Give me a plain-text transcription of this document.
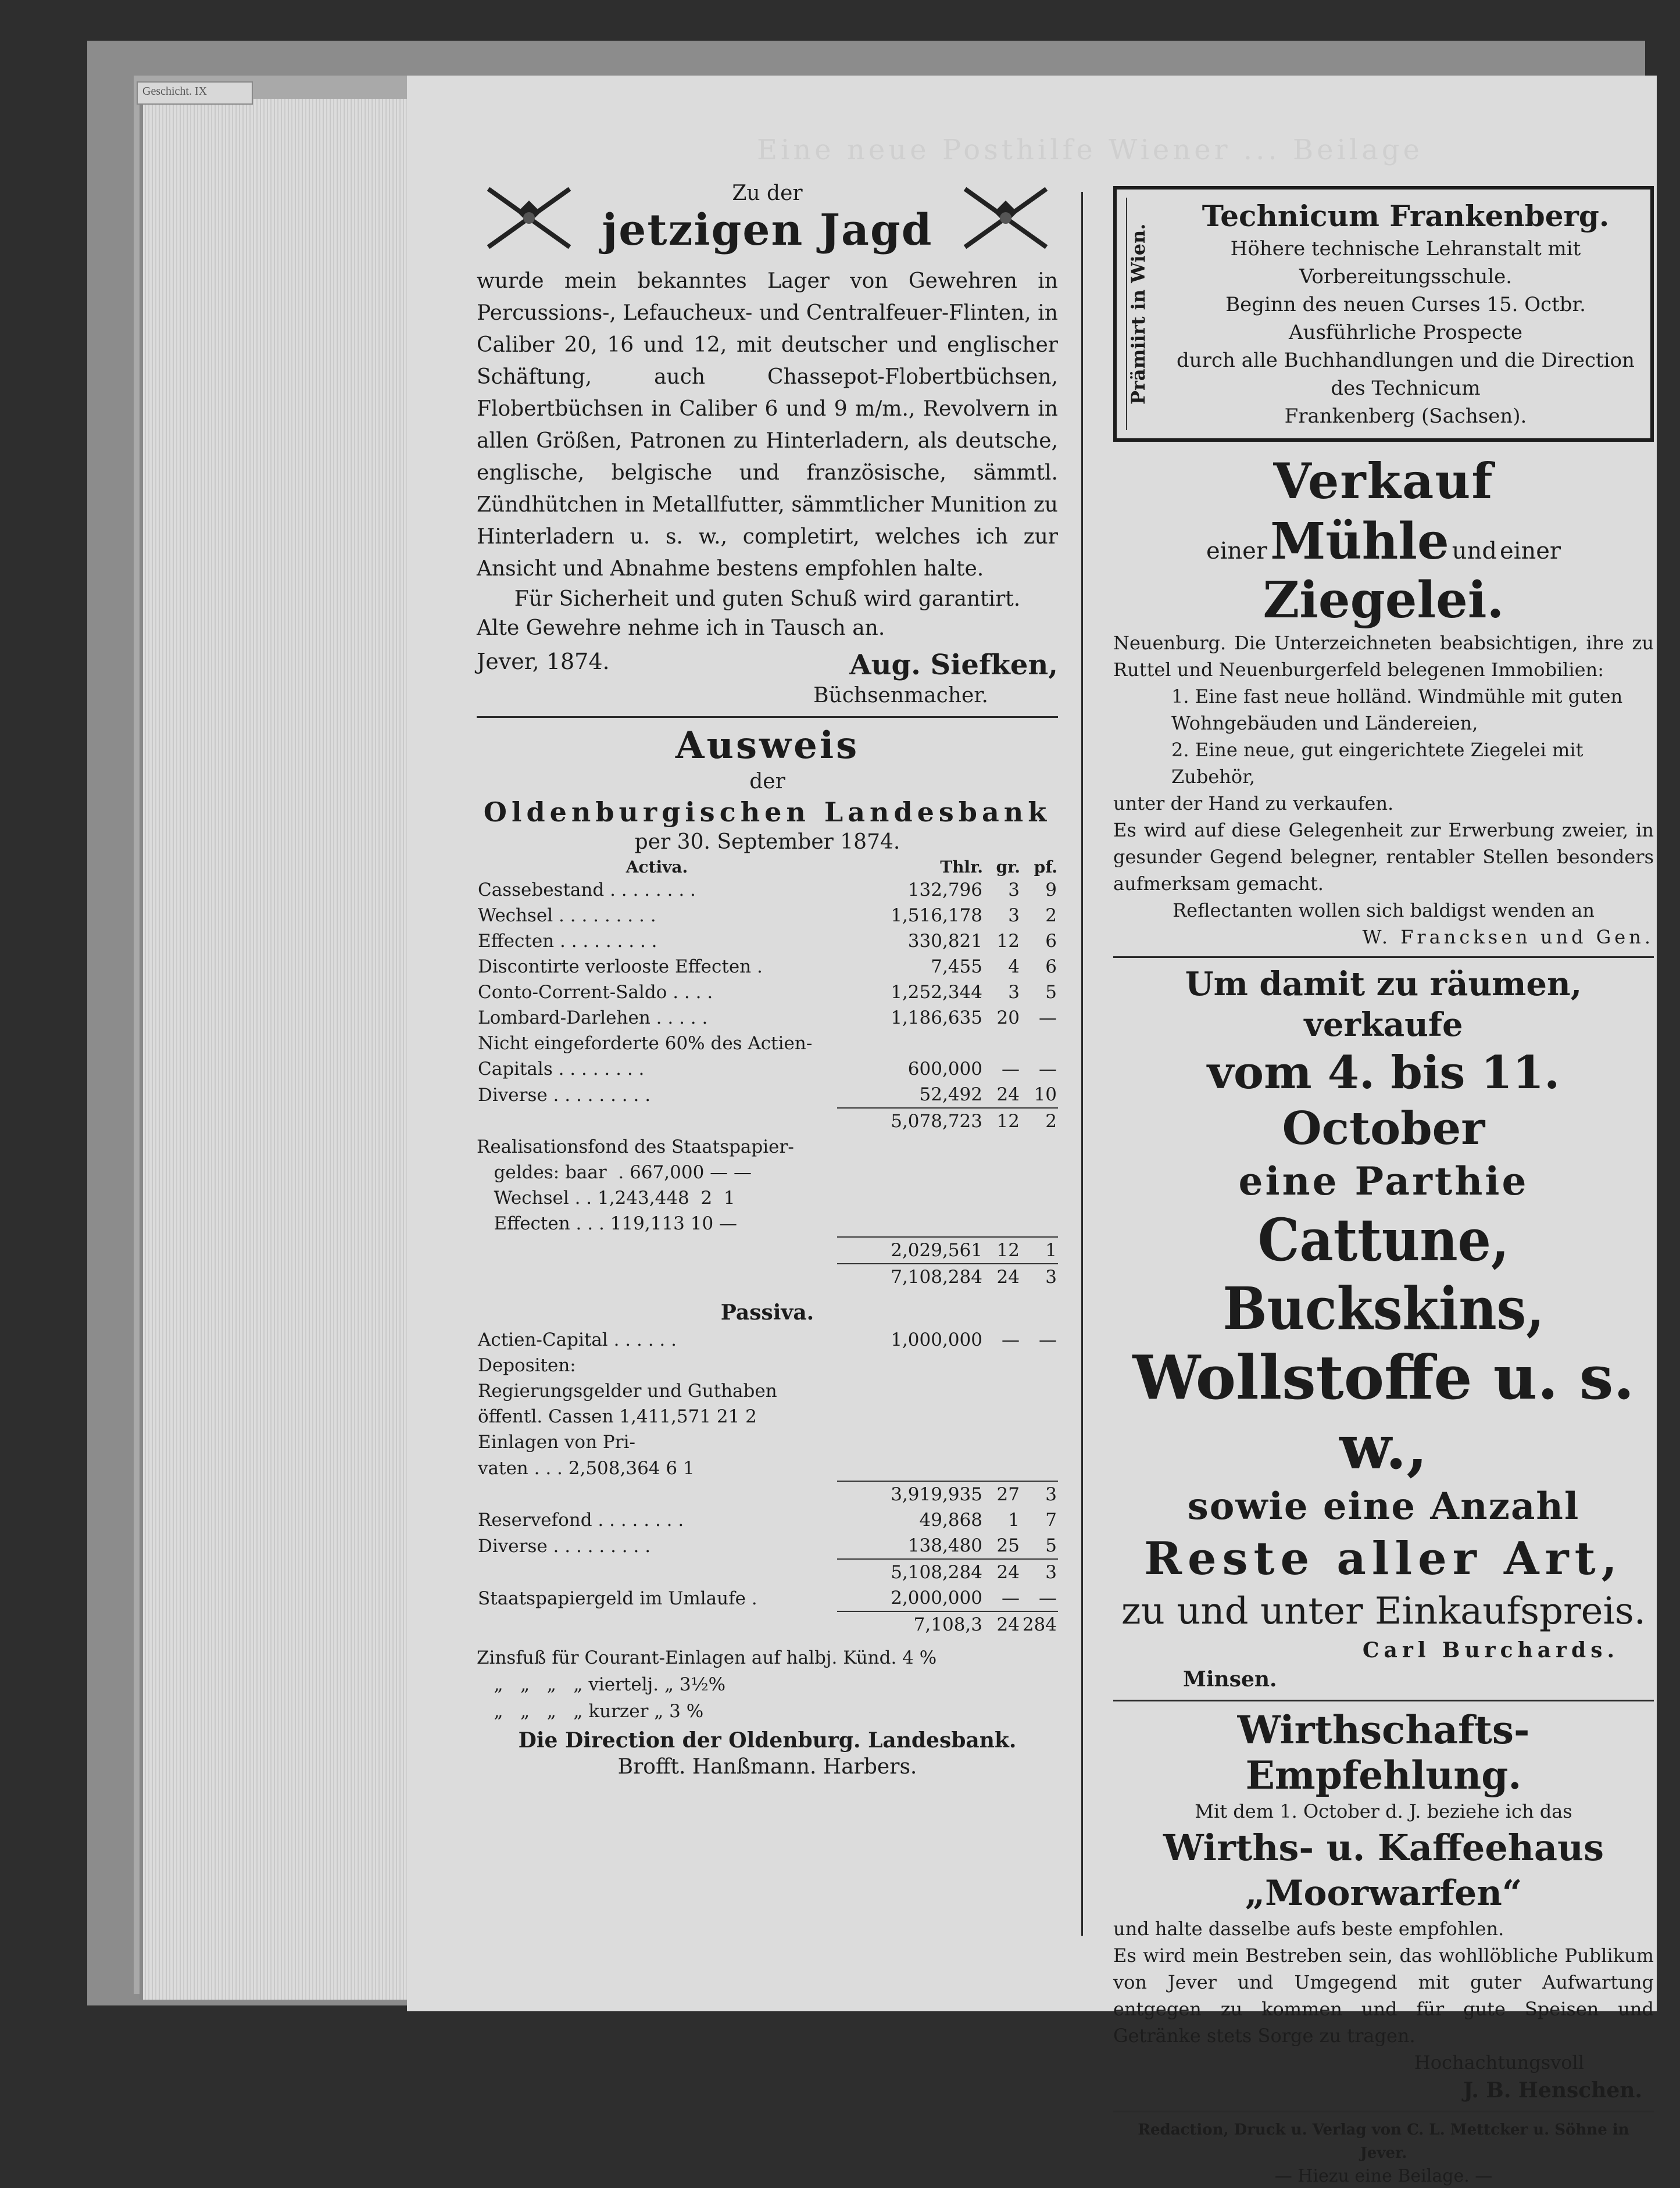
Geschicht. IX
Eine neue Posthilfe Wiener ... Beilage
Zu der
jetzigen Jagd

wurde mein bekanntes Lager von Gewehren in Percussions-, Lefaucheux- und Centralfeuer-Flinten, in Caliber 20, 16 und 12, mit deutscher und englischer Schäftung, auch Chassepot-Flobertbüchsen, Flobertbüchsen in Caliber 6 und 9 m/m., Revolvern in allen Größen, Patronen zu Hinterladern, als deutsche, englische, belgische und französische, sämmtl. Zündhütchen in Metallfutter, sämmtlicher Munition zu Hinterladern u. s. w., completirt, welches ich zur Ansicht und Abnahme bestens empfohlen halte.

Für Sicherheit und guten Schuß wird garantirt.

Alte Gewehre nehme ich in Tausch an.

Jever, 1874.	Aug. Siefken,

Büchsenmacher.

Ausweis

der

Oldenburgischen Landesbank

per 30. September 1874.

Activa.	Thlr.	gr.	pf.
Cassebestand . . . . . . . .	132,796	3	9
Wechsel . . . . . . . . .	1,516,178	3	2
Effecten . . . . . . . . .	330,821	12	6
Discontirte verlooste Effecten .	7,455	4	6
Conto-Corrent-Saldo . . . .	1,252,344	3	5
Lombard-Darlehen . . . . .	1,186,635	20	—
Nicht eingeforderte 60% des Actien-			
Capitals . . . . . . . .	600,000	—	—
Diverse . . . . . . . . .	52,492	24	10
	5,078,723	12	2
Realisationsfond des Staatspapier-
geldes: baar  . 667,000 — —
Wechsel . . 1,243,448  2  1
Effecten . . . 119,113 10 —
	2,029,561	12	1
	7,108,284	24	3

Passiva.

Actien-Capital . . . . . .	1,000,000	—	—
Depositen:			
Regierungsgelder und Guthaben			
öffentl. Cassen 1,411,571 21 2			
Einlagen von Pri-			
vaten . . . 2,508,364 6 1			
	3,919,935	27	3
Reservefond . . . . . . . .	49,868	1	7
Diverse . . . . . . . . .	138,480	25	5
	5,108,284	24	3
Staatspapiergeld im Umlaufe .	2,000,000	—	—
	7,108,3	24	284
Zinsfuß für Courant-Einlagen auf halbj. Künd. 4 %
„   „   „   „ viertelj. „ 3½%
„   „   „   „ kurzer „ 3 %

Die Direction der Oldenburg. Landesbank.

Brofft. Hanßmann. Harbers.

Prämiirt in Wien.
Technicum Frankenberg.
Höhere technische Lehranstalt mit Vorbereitungsschule.
Beginn des neuen Curses 15. Octbr.
Ausführliche Prospecte
durch alle Buchhandlungen und die Direction des Technicum
Frankenberg (Sachsen).
Verkauf
einer Mühle und einer Ziegelei.

Neuenburg. Die Unterzeichneten beabsichtigen, ihre zu Ruttel und Neuenburgerfeld belegenen Immobilien:

1. Eine fast neue holländ. Windmühle mit guten Wohngebäuden und Ländereien,

2. Eine neue, gut eingerichtete Ziegelei mit Zubehör,

unter der Hand zu verkaufen.

Es wird auf diese Gelegenheit zur Erwerbung zweier, in gesunder Gegend belegner, rentabler Stellen besonders aufmerksam gemacht.

Reflectanten wollen sich baldigst wenden an

W. Francksen und Gen.

Um damit zu räumen, verkaufe
vom 4. bis 11. October
eine Parthie
Cattune, Buckskins,
Wollstoffe u. s. w.,
sowie eine Anzahl
Reste aller Art,
zu und unter Einkaufspreis.

Carl Burchards.

Minsen.

Wirthschafts-Empfehlung.

Mit dem 1. October d. J. beziehe ich das

Wirths- u. Kaffeehaus
„Moorwarfen“

und halte dasselbe aufs beste empfohlen.

Es wird mein Bestreben sein, das wohllöbliche Publikum von Jever und Umgegend mit guter Aufwartung entgegen zu kommen und für gute Speisen und Getränke stets Sorge zu tragen.

Hochachtungsvoll

J. B. Henschen.

Redaction, Druck u. Verlag von C. L. Mettcker u. Söhne in Jever.

— Hiezu eine Beilage. —
